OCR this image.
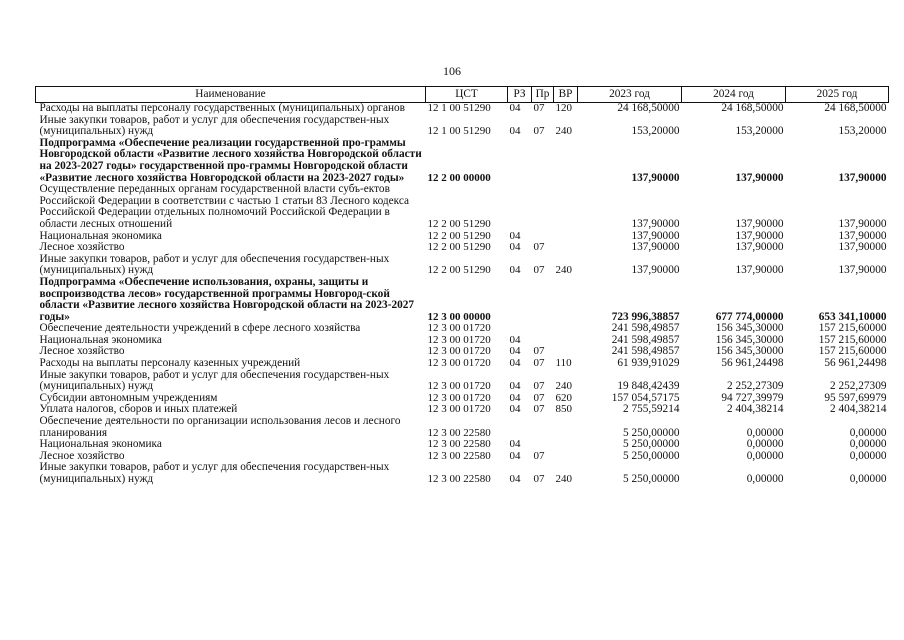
106
Наименование	ЦСТ	РЗ	Пр	ВР	2023 год	2024 год	2025 год
Расходы на выплаты персоналу государственных (муниципальных) органов	12 1 00 51290	04	07	120	24 168,50000	24 168,50000	24 168,50000
Иные закупки товаров, работ и услуг для обеспечения государствен-ных (муниципальных) нужд	12 1 00 51290	04	07	240	153,20000	153,20000	153,20000
Подпрограмма «Обеспечение реализации государственной про-граммы Новгородской области «Развитие лесного хозяйства Новгородской области на 2023-2027 годы» государственной про-граммы Новгородской области «Развитие лесного хозяйства Новгородской области на 2023-2027 годы»	12 2 00 00000				137,90000	137,90000	137,90000
Осуществление переданных органам государственной власти субъ-ектов Российской Федерации в соответствии с частью 1 статьи 83 Лесного кодекса Российской Федерации отдельных полномочий Российской Федерации в области лесных отношений	12 2 00 51290				137,90000	137,90000	137,90000
Национальная экономика	12 2 00 51290	04			137,90000	137,90000	137,90000
Лесное хозяйство	12 2 00 51290	04	07		137,90000	137,90000	137,90000
Иные закупки товаров, работ и услуг для обеспечения государствен-ных (муниципальных) нужд	12 2 00 51290	04	07	240	137,90000	137,90000	137,90000
Подпрограмма «Обеспечение использования, охраны, защиты и воспроизводства лесов» государственной программы Новгород-ской области «Развитие лесного хозяйства Новгородской области на 2023-2027 годы»	12 3 00 00000				723 996,38857	677 774,00000	653 341,10000
Обеспечение деятельности учреждений в сфере лесного хозяйства	12 3 00 01720				241 598,49857	156 345,30000	157 215,60000
Национальная экономика	12 3 00 01720	04			241 598,49857	156 345,30000	157 215,60000
Лесное хозяйство	12 3 00 01720	04	07		241 598,49857	156 345,30000	157 215,60000
Расходы на выплаты персоналу казенных учреждений	12 3 00 01720	04	07	110	61 939,91029	56 961,24498	56 961,24498
Иные закупки товаров, работ и услуг для обеспечения государствен-ных (муниципальных) нужд	12 3 00 01720	04	07	240	19 848,42439	2 252,27309	2 252,27309
Субсидии автономным учреждениям	12 3 00 01720	04	07	620	157 054,57175	94 727,39979	95 597,69979
Уплата налогов, сборов и иных платежей	12 3 00 01720	04	07	850	2 755,59214	2 404,38214	2 404,38214
Обеспечение деятельности по организации использования лесов и лесного планирования	12 3 00 22580				5 250,00000	0,00000	0,00000
Национальная экономика	12 3 00 22580	04			5 250,00000	0,00000	0,00000
Лесное хозяйство	12 3 00 22580	04	07		5 250,00000	0,00000	0,00000
Иные закупки товаров, работ и услуг для обеспечения государствен-ных (муниципальных) нужд	12 3 00 22580	04	07	240	5 250,00000	0,00000	0,00000
